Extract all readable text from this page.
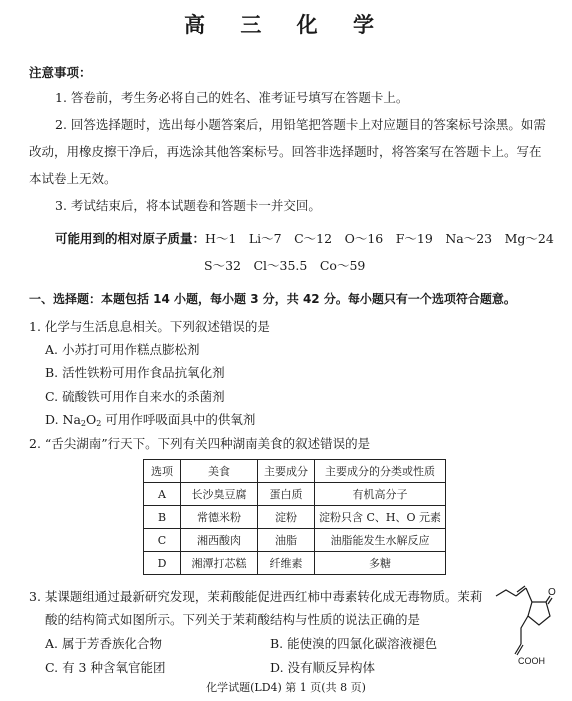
高 三 化 学
注意事项：
1. 答卷前，考生务必将自己的姓名、准考证号填写在答题卡上。
2. 回答选择题时，选出每小题答案后，用铅笔把答题卡上对应题目的答案标号涂黑。如需改动，用橡皮擦干净后，再选涂其他答案标号。回答非选择题时，将答案写在答题卡上。写在本试卷上无效。
3. 考试结束后，将本试题卷和答题卡一并交回。
可能用到的相对原子质量：H～1　Li～7　C～12　O～16　F～19　Na～23　Mg～24
S～32　Cl～35.5　Co～59
一、选择题：本题包括 14 小题，每小题 3 分，共 42 分。每小题只有一个选项符合题意。
1. 化学与生活息息相关。下列叙述错误的是
A. 小苏打可用作糕点膨松剂
B. 活性铁粉可用作食品抗氧化剂
C. 硫酸铁可用作自来水的杀菌剂
D. $Na_2O_2$ 可用作呼吸面具中的供氧剂
2. “舌尖湖南”行天下。下列有关四种湖南美食的叙述错误的是
选项	美食	主要成分	主要成分的分类或性质
A	长沙臭豆腐	蛋白质	有机高分子
B	常德米粉	淀粉	淀粉只含 C、H、O 元素
C	湘西酸肉	油脂	油脂能发生水解反应
D	湘潭打芯糕	纤维素	多糖
3. 某课题组通过最新研究发现，茉莉酸能促进西红柿中毒素转化成无毒物质。茉莉
酸的结构简式如图所示。下列关于茉莉酸结构与性质的说法正确的是
A. 属于芳香族化合物	B. 能使溴的四氯化碳溶液褪色
C. 有 3 种含氧官能团	D. 没有顺反异构体
O
COOH
化学试题(LD4) 第 1 页(共 8 页)
